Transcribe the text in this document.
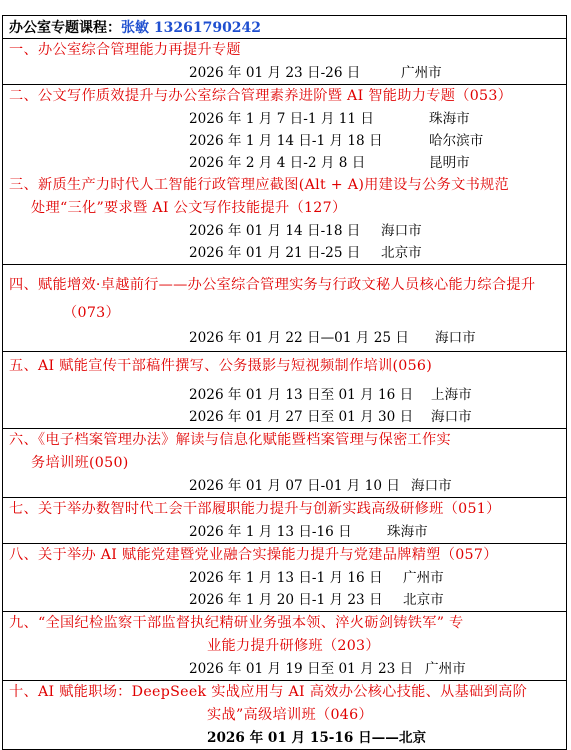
办公室专题课程：张敏 13261790242
一、办公室综合管理能力再提升专题
2026 年 01 月 23 日-26 日	广州市
二、公文写作质效提升与办公室综合管理素养进阶暨 AI 智能助力专题（053）
2026 年 1 月 7 日-1 月 11 日	珠海市
2026 年 1 月 14 日-1 月 18 日	哈尔滨市
2026 年 2 月 4 日-2 月 8 日	昆明市
三、新质生产力时代人工智能行政管理应截图(Alt + A)用建设与公务文书规范
处理“三化”要求暨 AI 公文写作技能提升（127）
2026 年 01 月 14 日-18 日 海口市
2026 年 01 月 21 日-25 日 北京市
四、赋能增效·卓越前行——办公室综合管理实务与行政文秘人员核心能力综合提升
（073）
2026 年 01 月 22 日—01 月 25 日 海口市
五、AI 赋能宣传干部稿件撰写、公务摄影与短视频制作培训(056)
2026 年 01 月 13 日至 01 月 16 日 上海市
2026 年 01 月 27 日至 01 月 30 日 海口市
六、《电子档案管理办法》解读与信息化赋能暨档案管理与保密工作实
务培训班(050)
2026 年 01 月 07 日-01 月 10 日 海口市
七、关于举办数智时代工会干部履职能力提升与创新实践高级研修班（051）
2026 年 1 月 13 日-16 日	珠海市
八、关于举办 AI 赋能党建暨党业融合实操能力提升与党建品牌精塑（057）
2026 年 1 月 13 日-1 月 16 日 广州市
2026 年 1 月 20 日-1 月 23 日 北京市
九、“全国纪检监察干部监督执纪精研业务强本领、淬火砺剑铸铁军” 专
业能力提升研修班（203）
2026 年 01 月 19 日至 01 月 23 日 广州市
十、AI 赋能职场：DeepSeek 实战应用与 AI 高效办公核心技能、从基础到高阶
实战”高级培训班（046）
2026 年 01 月 15-16 日——北京
